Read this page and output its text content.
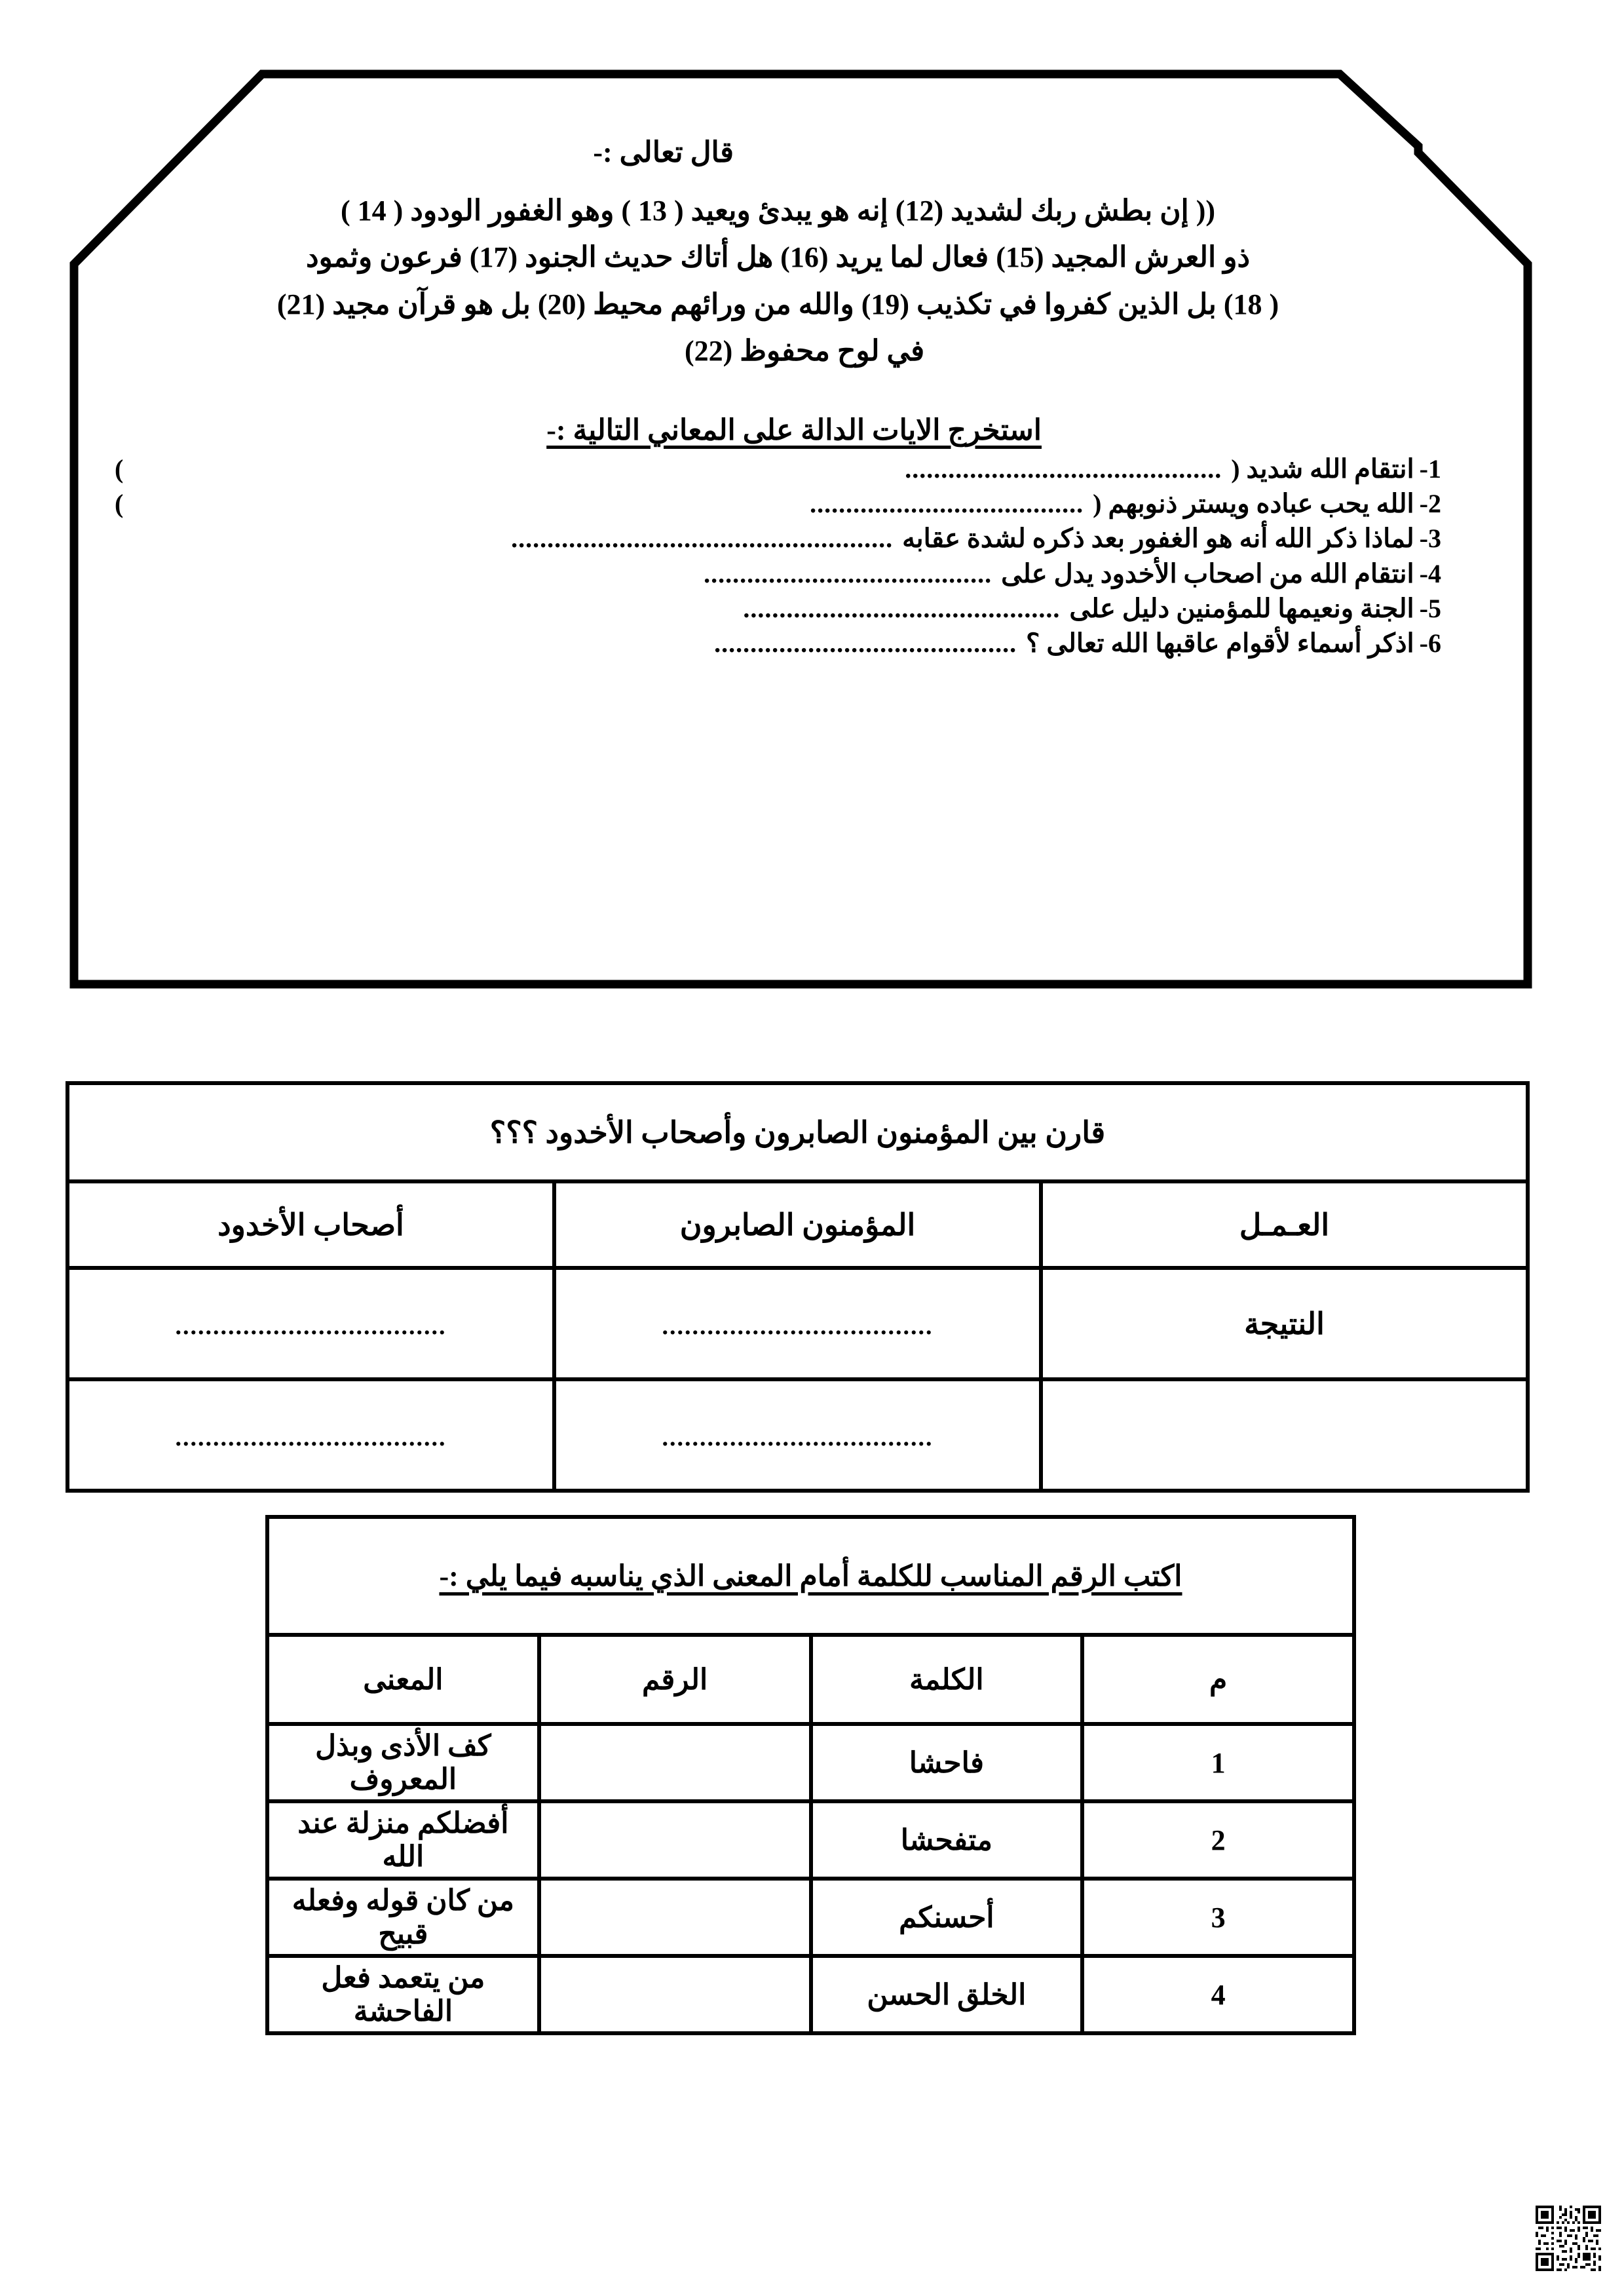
قال تعالى :-

(( إن بطش ربك لشديد (12) إنه هو يبدئ ويعيد ( 13 ) وهو الغفور الودود ( 14 )
ذو العرش المجيد (15) فعال لما يريد (16) هل أتاك حديث الجنود (17) فرعون وثمود
( 18) بل الذين كفروا في تكذيب (19) والله من ورائهم محيط (20) بل هو قرآن مجيد (21)
في لوح محفوظ (22)

استخرج الايات الدالة على المعاني التالية :-

1-
انتقام الله شديد (
............................................
)
2-
الله يحب عباده ويستر ذنوبهم (
......................................
)
3-
لماذا ذكر الله أنه هو الغفور بعد ذكره لشدة عقابه
.....................................................
4-
انتقام الله من اصحاب الأخدود يدل على
........................................
5-
الجنة ونعيمها للمؤمنين دليل على
............................................
6-
اذكر أسماء لأقوام عاقبها الله تعالى ؟
..........................................
قارن بين المؤمنون الصابرون وأصحاب الأخدود ؟؟؟		
العـمـل	المؤمنون الصابرون	أصحاب الأخدود
النتيجة	....................................	....................................
	....................................	....................................
اكتب الرقم المناسب للكلمة أمام المعنى الذي يناسبه فيما يلي :-			
م	الكلمة	الرقم	المعنى
1	فاحشا		كف الأذى وبذل المعروف
2	متفحشا		أفضلكم منزلة عند الله
3	أحسنكم		من كان قوله وفعله قبيح
4	الخلق الحسن		من يتعمد فعل الفاحشة
